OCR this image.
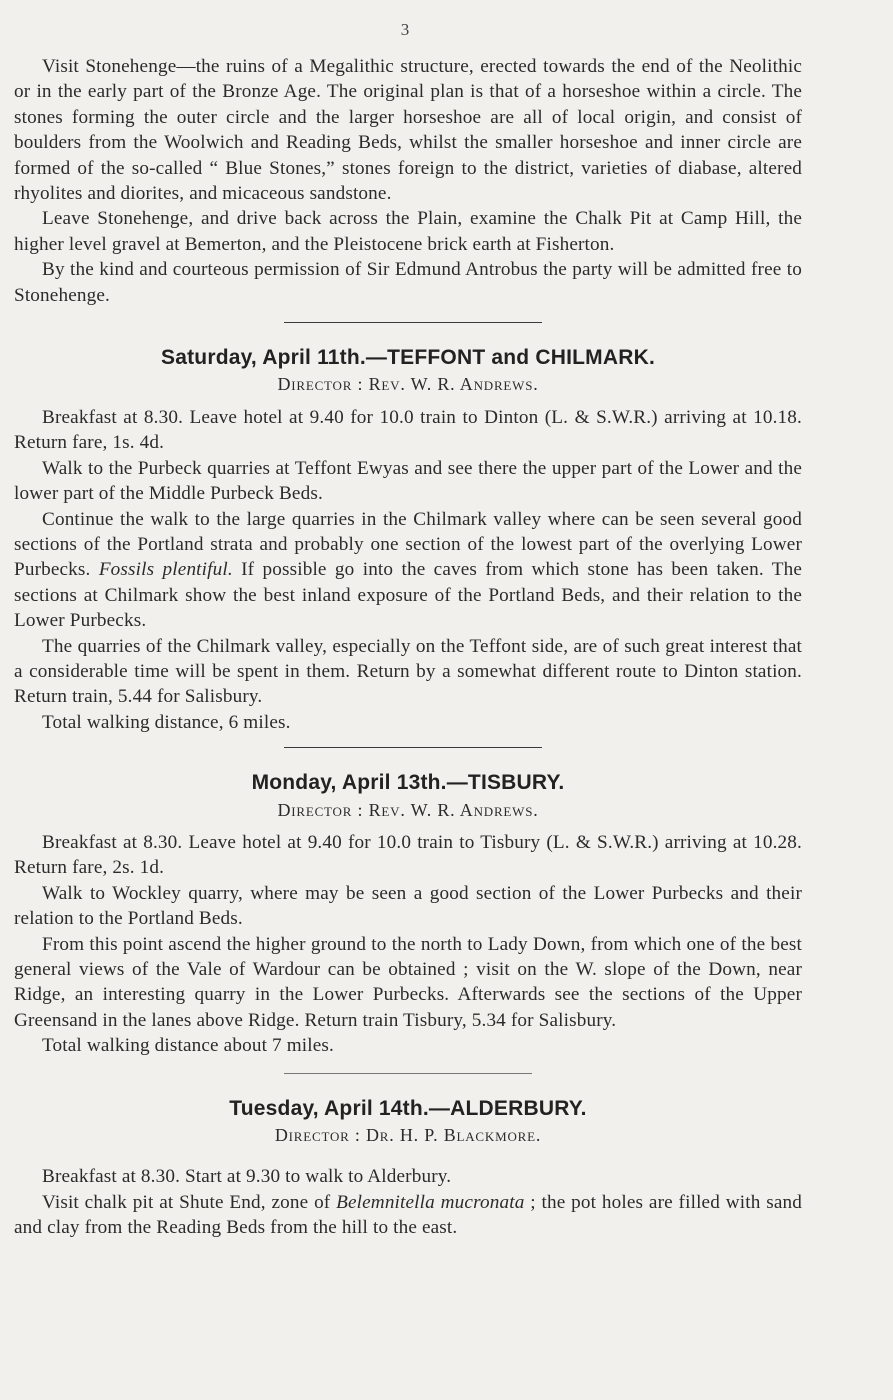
3

Visit Stonehenge—the ruins of a Megalithic structure, erected towards the end of the Neolithic or in the early part of the Bronze Age. The original plan is that of a horseshoe within a circle. The stones forming the outer circle and the larger horseshoe are all of local origin, and consist of boulders from the Woolwich and Reading Beds, whilst the smaller horseshoe and inner circle are formed of the so-called “ Blue Stones,” stones foreign to the district, varieties of diabase, altered rhyolites and diorites, and micaceous sandstone.

Leave Stonehenge, and drive back across the Plain, examine the Chalk Pit at Camp Hill, the higher level gravel at Bemerton, and the Pleistocene brick earth at Fisherton.

By the kind and courteous permission of Sir Edmund Antrobus the party will be admitted free to Stonehenge.

Saturday, April 11th.—TEFFONT and CHILMARK.
Director : Rev. W. R. Andrews.

Breakfast at 8.30. Leave hotel at 9.40 for 10.0 train to Dinton (L. & S.W.R.) arriving at 10.18. Return fare, 1s. 4d.

Walk to the Purbeck quarries at Teffont Ewyas and see there the upper part of the Lower and the lower part of the Middle Purbeck Beds.

Continue the walk to the large quarries in the Chilmark valley where can be seen several good sections of the Portland strata and probably one section of the lowest part of the overlying Lower Purbecks. Fossils plentiful. If possible go into the caves from which stone has been taken. The sections at Chilmark show the best inland exposure of the Portland Beds, and their relation to the Lower Purbecks.

The quarries of the Chilmark valley, especially on the Teffont side, are of such great interest that a considerable time will be spent in them. Return by a somewhat different route to Dinton station. Return train, 5.44 for Salisbury.

Total walking distance, 6 miles.

Monday, April 13th.—TISBURY.
Director : Rev. W. R. Andrews.

Breakfast at 8.30. Leave hotel at 9.40 for 10.0 train to Tisbury (L. & S.W.R.) arriving at 10.28. Return fare, 2s. 1d.

Walk to Wockley quarry, where may be seen a good section of the Lower Purbecks and their relation to the Portland Beds.

From this point ascend the higher ground to the north to Lady Down, from which one of the best general views of the Vale of Wardour can be obtained ; visit on the W. slope of the Down, near Ridge, an interesting quarry in the Lower Purbecks. Afterwards see the sections of the Upper Greensand in the lanes above Ridge. Return train Tisbury, 5.34 for Salisbury.

Total walking distance about 7 miles.

Tuesday, April 14th.—ALDERBURY.
Director : Dr. H. P. Blackmore.

Breakfast at 8.30. Start at 9.30 to walk to Alderbury.

Visit chalk pit at Shute End, zone of Belemnitella mucronata ; the pot holes are filled with sand and clay from the Reading Beds from the hill to the east.
